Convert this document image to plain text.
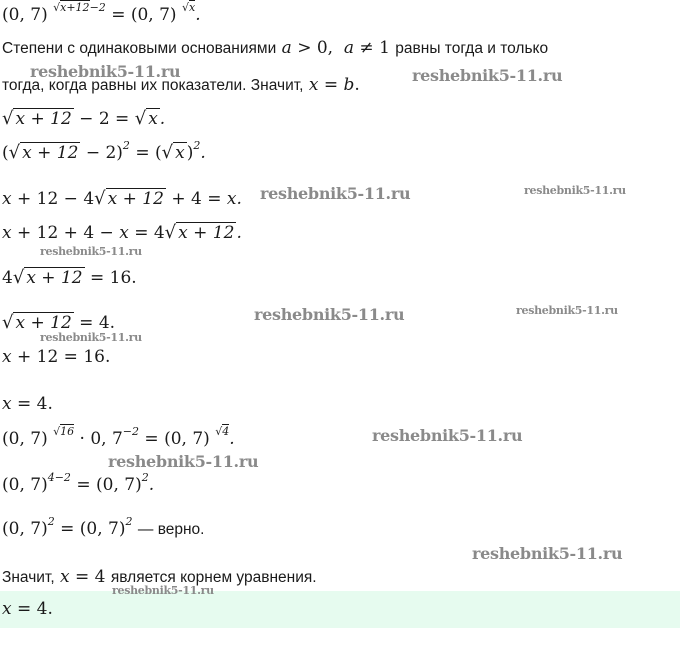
(0, 7) $^{√x+12-2}$ = (0, 7) $^{√x}$.
Степени с одинаковыми основаниями a > 0, a ≠ 1 равны тогда и только
тогда, когда равны их показатели. Значит, x = b.
√ x + 12 − 2 = √ x .
(√ x + 12 − 2)$^2$ = (√ x )$^2$.
x + 12 − 4√ x + 12 + 4 = x.
x + 12 + 4 − x = 4√ x + 12 .
4√ x + 12 = 16.
√ x + 12 = 4.
x + 12 = 16.
x = 4.
(0, 7) $^{√16}$ · 0, $7^{-2} = (0$, 7) $^{√4}$.
(0, 7)$^{4-2}$ = (0, 7)$^2$.
(0, 7)$^2$ = (0, 7)$^2$ — верно.
Значит, x = 4 является корнем уравнения.
x = 4.
reshebnik5-11.ru	reshebnik5-11.ru
reshebnik5-11.ru	reshebnik5-11.ru
reshebnik5-11.ru
reshebnik5-11.ru	reshebnik5-11.ru
reshebnik5-11.ru
reshebnik5-11.ru
reshebnik5-11.ru
reshebnik5-11.ru
reshebnik5-11.ru
